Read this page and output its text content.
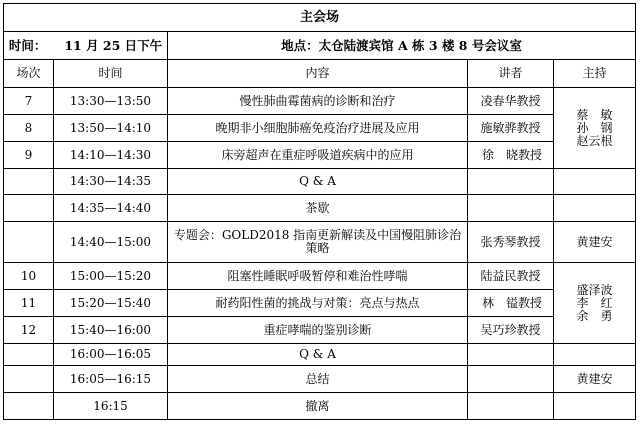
主会场				
时间： 11 月 25 日下午		地点：太仓陆渡宾馆 A 栋 3 楼 8 号会议室		
场次	时间	内容	讲者	主持
7	13:30—13:50	慢性肺曲霉菌病的诊断和治疗	凌春华教授	蔡　敏
孙　钢
赵云根

8	13:50—14:10	晚期非小细胞肺癌免疫治疗进展及应用	施敏骅教授	
9	14:10—14:30	床旁超声在重症呼吸道疾病中的应用	徐　晓教授	
	14:30—14:35	Q & A		
	14:35—14:40	茶歇		
	14:40—15:00	专题会：GOLD2018 指南更新解读及中国慢阻肺诊治策略	张秀琴教授	黄建安
10	15:00—15:20	阻塞性睡眠呼吸暂停和难治性哮喘	陆益民教授	盛泽波
李　红
余　勇

11	15:20—15:40	耐药阳性菌的挑战与对策：亮点与热点	林　镒教授	
12	15:40—16:00	重症哮喘的鉴别诊断	吴巧珍教授	
	16:00—16:05	Q & A		
	16:05—16:15	总结		黄建安
	16:15	撤离		
